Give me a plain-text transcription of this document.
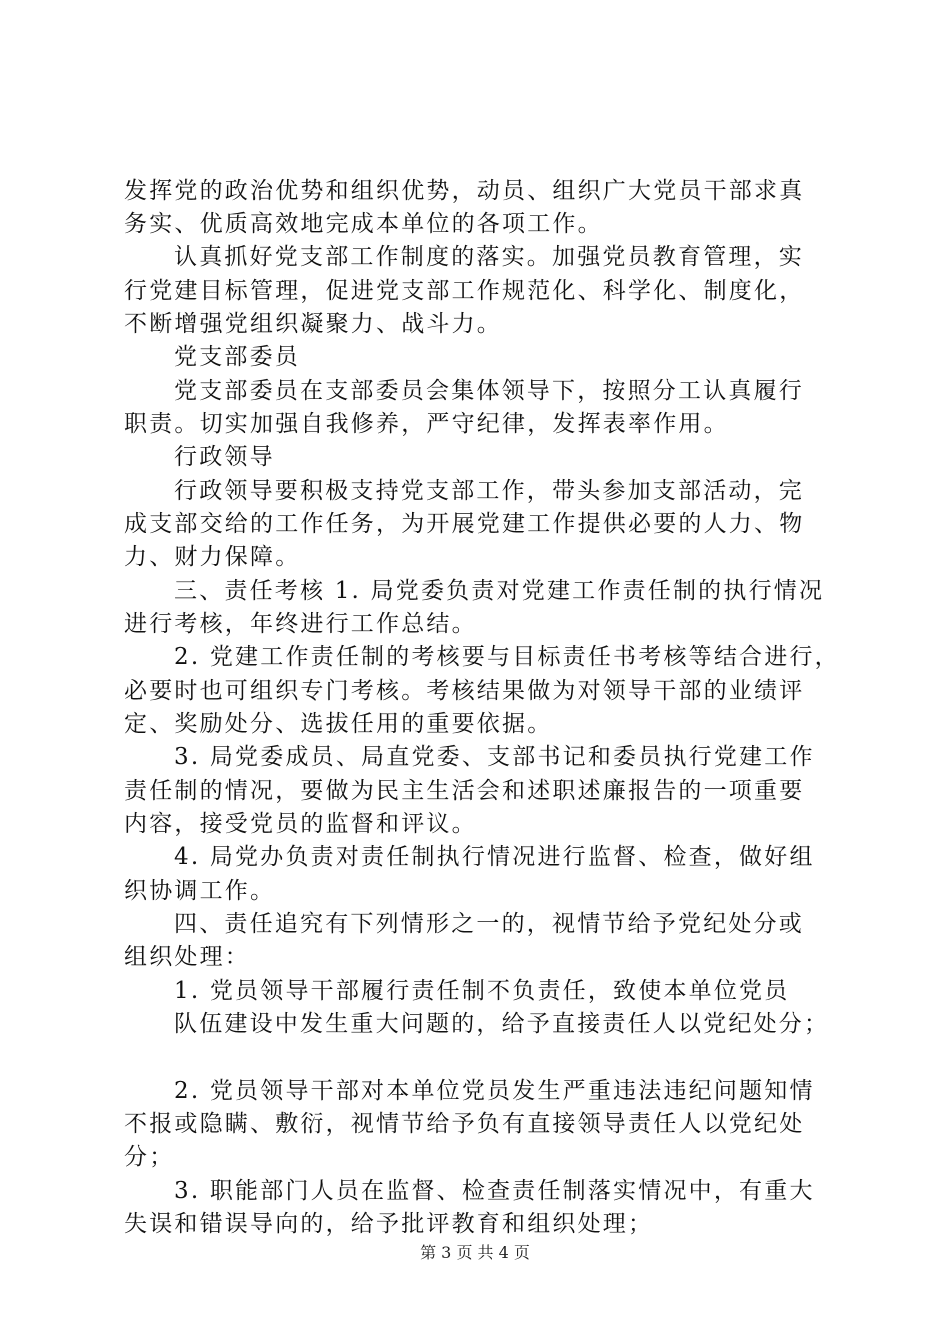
发挥党的政治优势和组织优势，动员、组织广大党员干部求真
务实、优质高效地完成本单位的各项工作。
认真抓好党支部工作制度的落实。加强党员教育管理，实
行党建目标管理，促进党支部工作规范化、科学化、制度化，
不断增强党组织凝聚力、战斗力。
党支部委员
党支部委员在支部委员会集体领导下，按照分工认真履行
职责。切实加强自我修养，严守纪律，发挥表率作用。
行政领导
行政领导要积极支持党支部工作，带头参加支部活动，完
成支部交给的工作任务，为开展党建工作提供必要的人力、物
力、财力保障。
三、责任考核 1. 局党委负责对党建工作责任制的执行情况
进行考核，年终进行工作总结。
2. 党建工作责任制的考核要与目标责任书考核等结合进行，
必要时也可组织专门考核。考核结果做为对领导干部的业绩评
定、奖励处分、选拔任用的重要依据。
3. 局党委成员、局直党委、支部书记和委员执行党建工作
责任制的情况，要做为民主生活会和述职述廉报告的一项重要
内容，接受党员的监督和评议。
4. 局党办负责对责任制执行情况进行监督、检查，做好组
织协调工作。
四、责任追究有下列情形之一的，视情节给予党纪处分或
组织处理：
1. 党员领导干部履行责任制不负责任，致使本单位党员
队伍建设中发生重大问题的，给予直接责任人以党纪处分；
2. 党员领导干部对本单位党员发生严重违法违纪问题知情
不报或隐瞒、敷衍，视情节给予负有直接领导责任人以党纪处
分；
3. 职能部门人员在监督、检查责任制落实情况中，有重大
失误和错误导向的，给予批评教育和组织处理；
第 3 页 共 4 页
